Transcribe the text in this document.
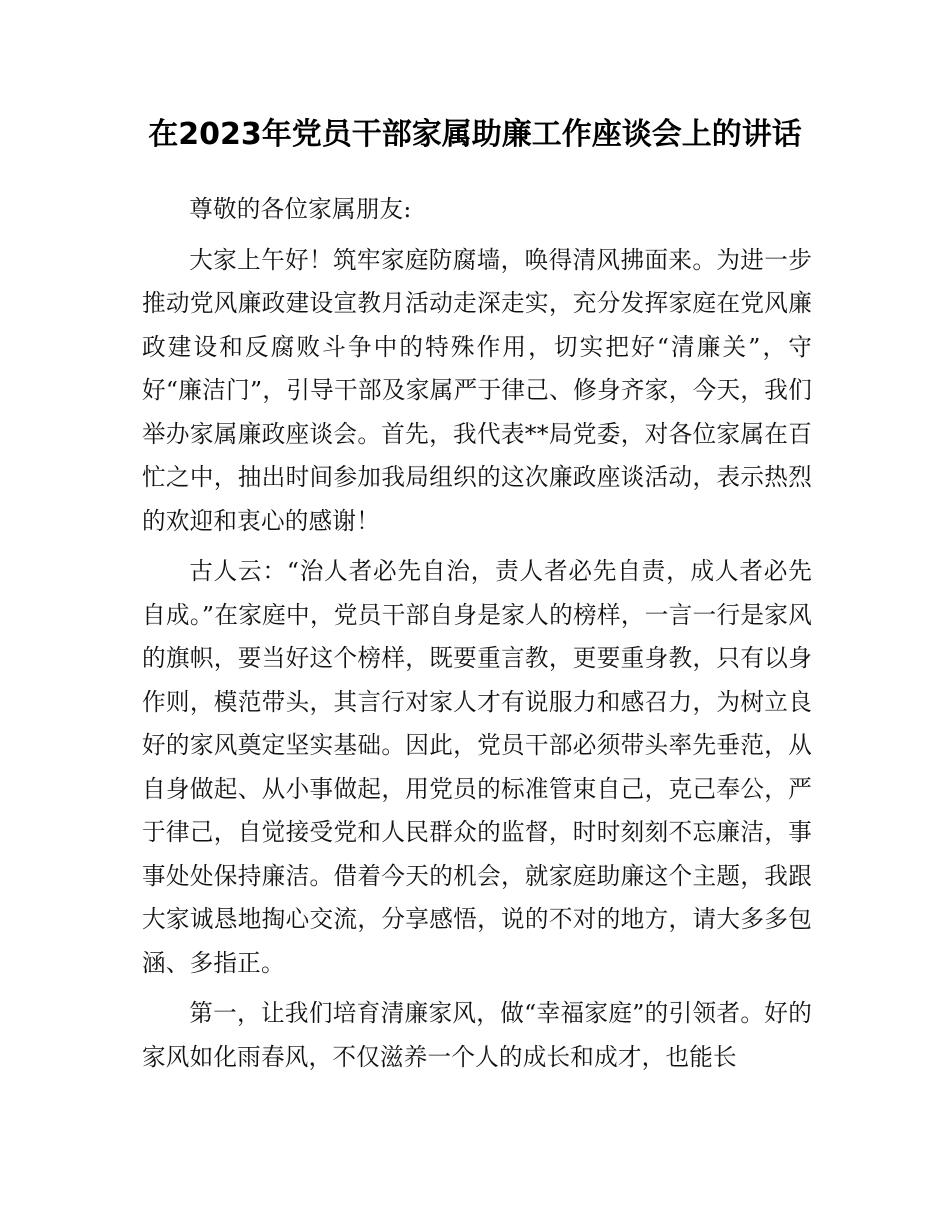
在2023年党员干部家属助廉工作座谈会上的讲话

尊敬的各位家属朋友:

大家上午好！筑牢家庭防腐墙，唤得清风拂面来。为进一步推动党风廉政建设宣教月活动走深走实，充分发挥家庭在党风廉政建设和反腐败斗争中的特殊作用，切实把好“清廉关”，守好“廉洁门”，引导干部及家属严于律己、修身齐家，今天，我们举办家属廉政座谈会。首先，我代表**局党委，对各位家属在百忙之中，抽出时间参加我局组织的这次廉政座谈活动，表示热烈的欢迎和衷心的感谢！

古人云：“治人者必先自治，责人者必先自责，成人者必先自成。”在家庭中，党员干部自身是家人的榜样，一言一行是家风的旗帜，要当好这个榜样，既要重言教，更要重身教，只有以身作则，模范带头，其言行对家人才有说服力和感召力，为树立良好的家风奠定坚实基础。因此，党员干部必须带头率先垂范，从自身做起、从小事做起，用党员的标准管束自己，克己奉公，严于律己，自觉接受党和人民群众的监督，时时刻刻不忘廉洁，事事处处保持廉洁。借着今天的机会，就家庭助廉这个主题，我跟大家诚恳地掏心交流，分享感悟，说的不对的地方，请大多多包涵、多指正。

第一，让我们培育清廉家风，做“幸福家庭”的引领者。好的家风如化雨春风，不仅滋养一个人的成长和成才，也能长
